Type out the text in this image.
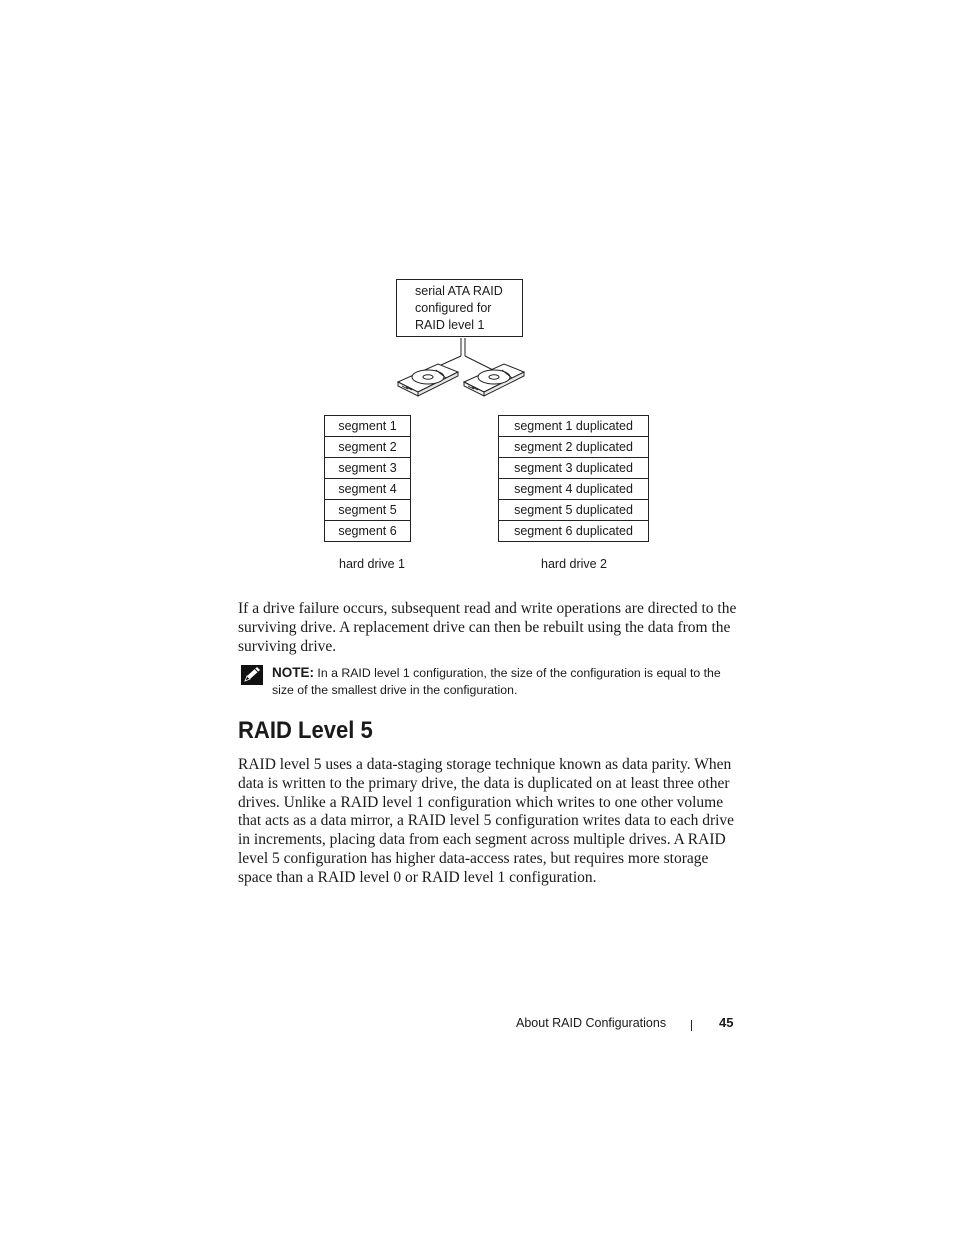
serial ATA RAID
configured for
RAID level 1
segment 1
segment 2
segment 3
segment 4
segment 5
segment 6
segment 1 duplicated
segment 2 duplicated
segment 3 duplicated
segment 4 duplicated
segment 5 duplicated
segment 6 duplicated
hard drive 1	hard drive 2

If a drive failure occurs, subsequent read and write operations are directed to the surviving drive. A replacement drive can then be rebuilt using the data from the surviving drive.

NOTE: In a RAID level 1 configuration, the size of the configuration is equal to the size of the smallest drive in the configuration.

RAID Level 5

RAID level 5 uses a data-staging storage technique known as data parity. When data is written to the primary drive, the data is duplicated on at least three other drives. Unlike a RAID level 1 configuration which writes to one other volume that acts as a data mirror, a RAID level 5 configuration writes data to each drive in increments, placing data from each segment across multiple drives. A RAID level 5 configuration has higher data-access rates, but requires more storage space than a RAID level 0 or RAID level 1 configuration.

About RAID Configurations	45
